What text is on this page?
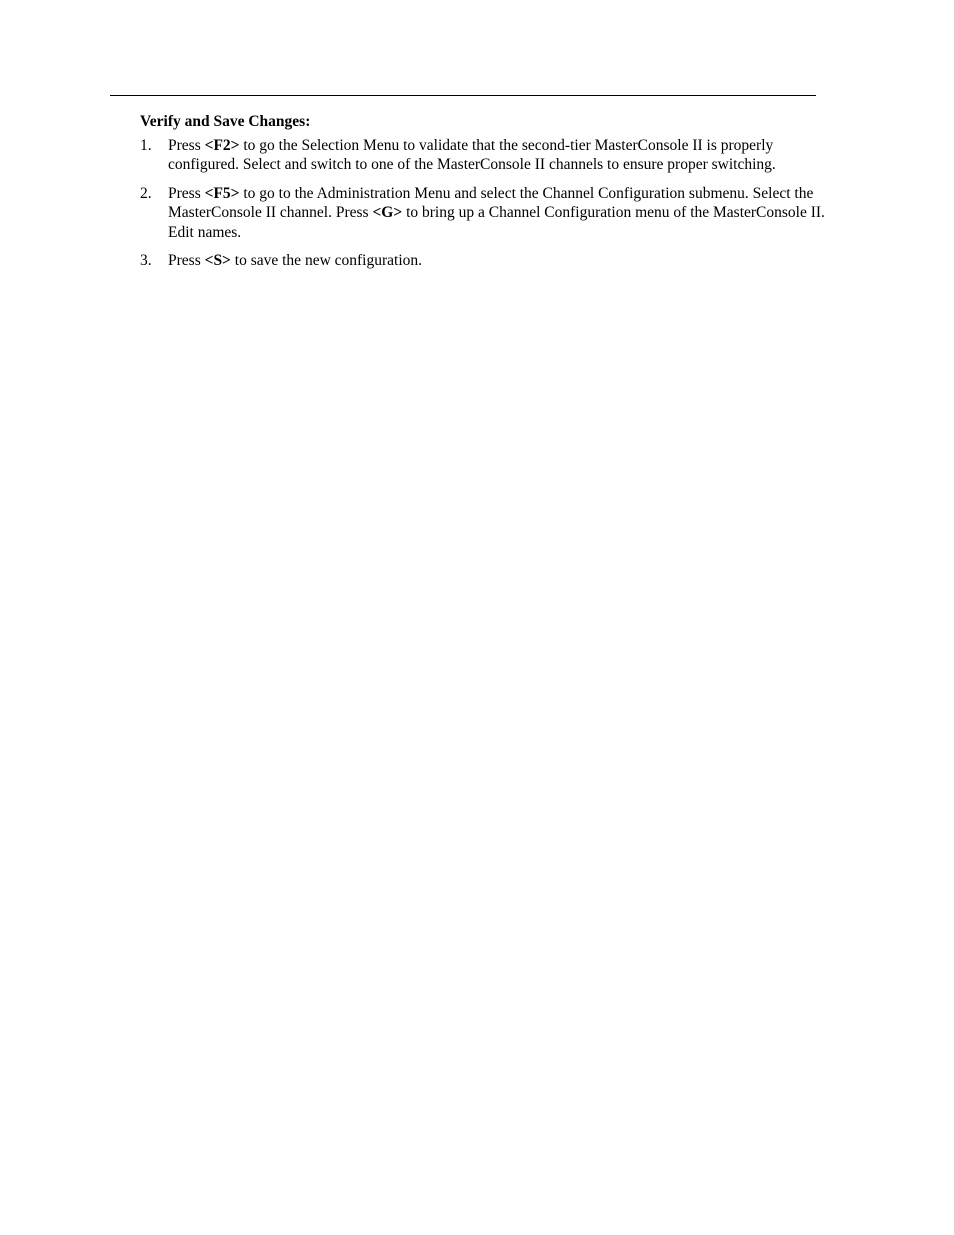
Verify and Save Changes:
1. Press <F2> to go the Selection Menu to validate that the second-tier MasterConsole II is properly configured. Select and switch to one of the MasterConsole II channels to ensure proper switching.
2. Press <F5> to go to the Administration Menu and select the Channel Configuration submenu. Select the MasterConsole II channel. Press <G> to bring up a Channel Configuration menu of the MasterConsole II. Edit names.
3. Press <S> to save the new configuration.
